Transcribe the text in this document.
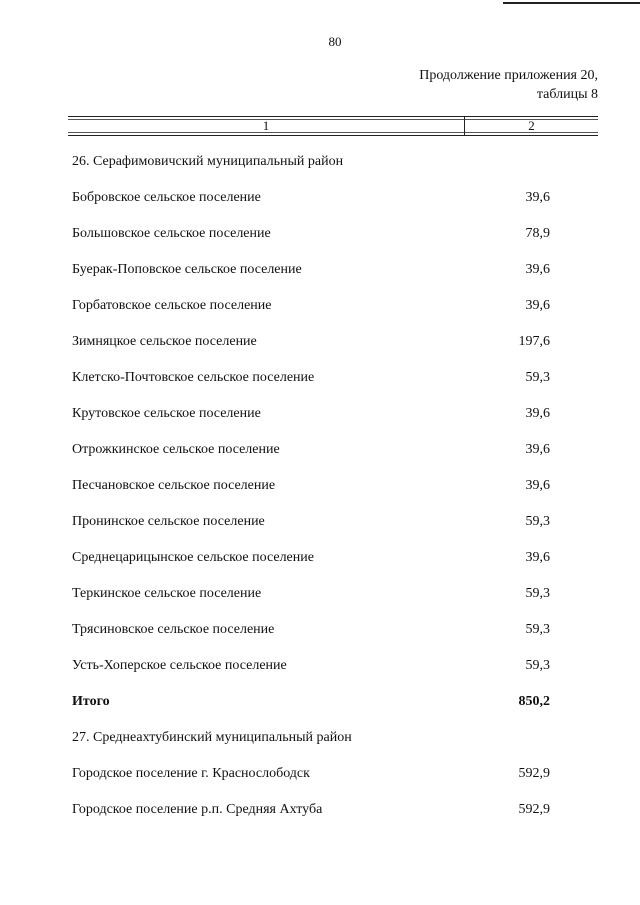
80
Продолжение приложения 20,
таблицы 8
1	2
26. Серафимовичский муниципальный район
Бобровское сельское поселение	39,6
Большовское сельское поселение	78,9
Буерак-Поповское сельское поселение	39,6
Горбатовское сельское поселение	39,6
Зимняцкое сельское поселение	197,6
Клетско-Почтовское сельское поселение	59,3
Крутовское сельское поселение	39,6
Отрожкинское сельское поселение	39,6
Песчановское сельское поселение	39,6
Пронинское сельское поселение	59,3
Среднецарицынское сельское поселение	39,6
Теркинское сельское поселение	59,3
Трясиновское сельское поселение	59,3
Усть-Хоперское сельское поселение	59,3
Итого	850,2
27. Среднеахтубинский муниципальный район
Городское поселение г. Краснослободск	592,9
Городское поселение р.п. Средняя Ахтуба	592,9
